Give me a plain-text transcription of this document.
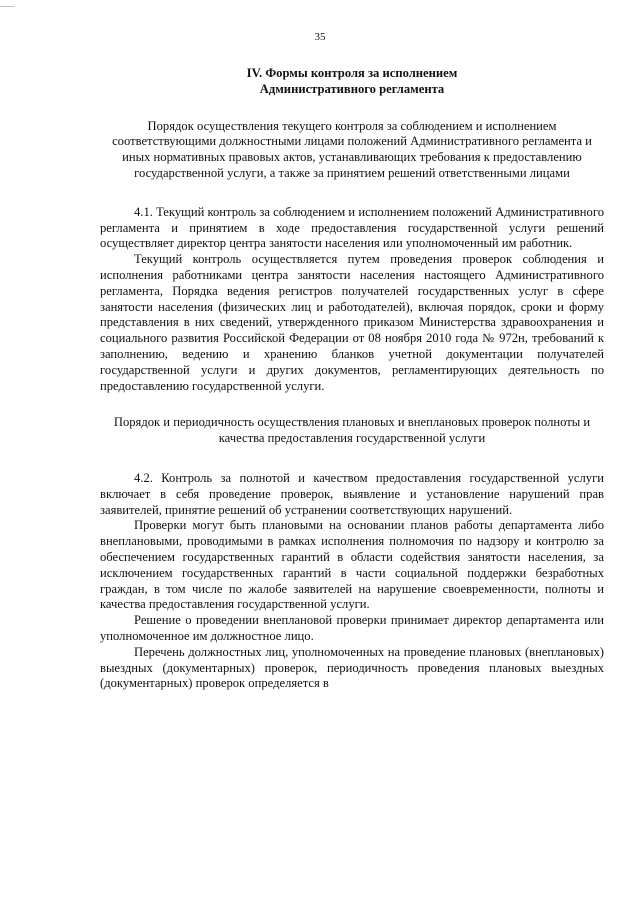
35
IV. Формы контроля за исполнением
Административного регламента
Порядок осуществления текущего контроля за соблюдением и исполнением соответствующими должностными лицами положений Административного регламента и иных нормативных правовых актов, устанавливающих требования к предоставлению государственной услуги, а также за принятием решений ответственными лицами

4.1. Текущий контроль за соблюдением и исполнением положений Административного регламента и принятием в ходе предоставления государственной услуги решений осуществляет директор центра занятости населения или уполномоченный им работник.

Текущий контроль осуществляется путем проведения проверок соблюдения и исполнения работниками центра занятости населения настоящего Административного регламента, Порядка ведения регистров получателей государственных услуг в сфере занятости населения (физических лиц и работодателей), включая порядок, сроки и форму представления в них сведений, утвержденного приказом Министерства здравоохранения и социального развития Российской Федерации от 08 ноября 2010 года № 972н, требований к заполнению, ведению и хранению бланков учетной документации получателей государственной услуги и других документов, регламентирующих деятельность по предоставлению государственной услуги.

Порядок и периодичность осуществления плановых и внеплановых проверок полноты и качества предоставления государственной услуги

4.2. Контроль за полнотой и качеством предоставления государственной услуги включает в себя проведение проверок, выявление и установление нарушений прав заявителей, принятие решений об устранении соответствующих нарушений.

Проверки могут быть плановыми на основании планов работы департамента либо внеплановыми, проводимыми в рамках исполнения полномочия по надзору и контролю за обеспечением государственных гарантий в области содействия занятости населения, за исключением государственных гарантий в части социальной поддержки безработных граждан, в том числе по жалобе заявителей на нарушение своевременности, полноты и качества предоставления государственной услуги.

Решение о проведении внеплановой проверки принимает директор департамента или уполномоченное им должностное лицо.

Перечень должностных лиц, уполномоченных на проведение плановых (внеплановых) выездных (документарных) проверок, периодичность проведения плановых выездных (документарных) проверок определяется в
